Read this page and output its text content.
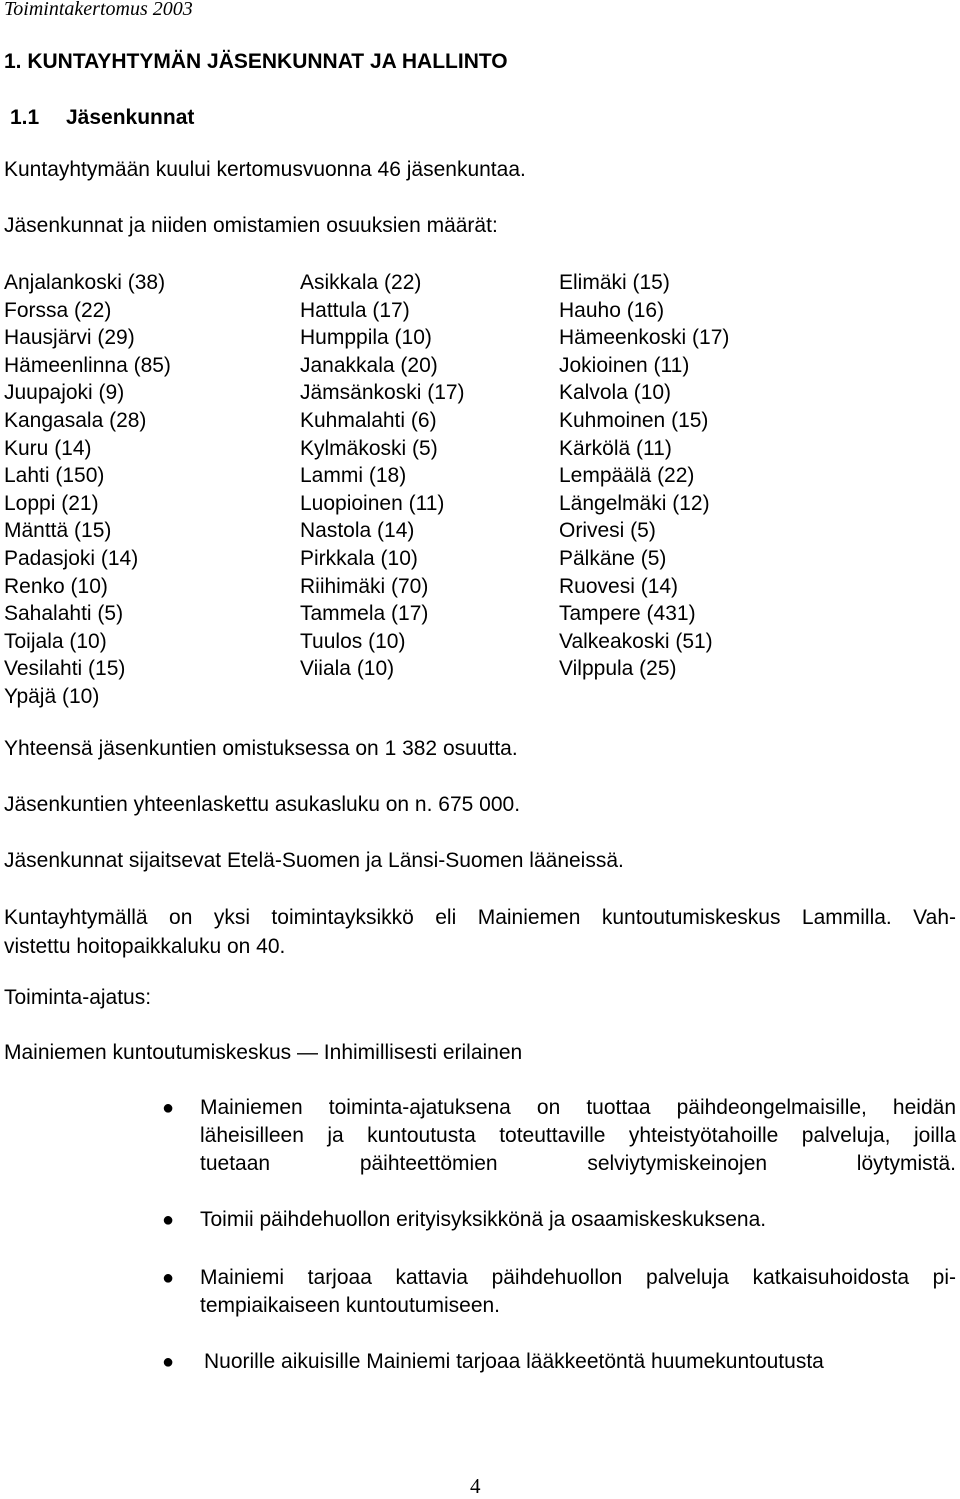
Toimintakertomus 2003
1. KUNTAYHTYMÄN JÄSENKUNNAT JA HALLINTO
1.1 Jäsenkunnat
Kuntayhtymään kuului kertomusvuonna 46 jäsenkuntaa.
Jäsenkunnat ja niiden omistamien osuuksien määrät:
Anjalankoski (38)
Forssa (22)
Hausjärvi (29)
Hämeenlinna (85)
Juupajoki (9)
Kangasala (28)
Kuru (14)
Lahti (150)
Loppi (21)
Mänttä (15)
Padasjoki (14)
Renko (10)
Sahalahti (5)
Toijala (10)
Vesilahti (15)
Ypäjä (10)
Asikkala (22)
Hattula (17)
Humppila (10)
Janakkala (20)
Jämsänkoski (17)
Kuhmalahti (6)
Kylmäkoski (5)
Lammi (18)
Luopioinen (11)
Nastola (14)
Pirkkala (10)
Riihimäki (70)
Tammela (17)
Tuulos (10)
Viiala (10)
Elimäki (15)
Hauho (16)
Hämeenkoski (17)
Jokioinen (11)
Kalvola (10)
Kuhmoinen (15)
Kärkölä (11)
Lempäälä (22)
Längelmäki (12)
Orivesi (5)
Pälkäne (5)
Ruovesi (14)
Tampere (431)
Valkeakoski (51)
Vilppula (25)
Yhteensä jäsenkuntien omistuksessa on 1 382 osuutta.
Jäsenkuntien yhteenlaskettu asukasluku on n. 675 000.
Jäsenkunnat sijaitsevat Etelä-Suomen ja Länsi-Suomen lääneissä.
Kuntayhtymällä on yksi toimintayksikkö eli Mainiemen kuntoutumiskeskus Lammilla. Vah-
vistettu hoitopaikkaluku on 40.
Toiminta-ajatus:
Mainiemen kuntoutumiskeskus — Inhimillisesti erilainen
● Mainiemen toiminta-ajatuksena on tuottaa päihdeongelmaisille, heidän
läheisilleen ja kuntoutusta toteuttaville yhteistyötahoille palveluja, joilla
tuetaan päihteettömien selviytymiskeinojen löytymistä.
● Toimii päihdehuollon erityisyksikkönä ja osaamiskeskuksena.
● Mainiemi tarjoaa kattavia päihdehuollon palveluja katkaisuhoidosta pi-
tempiaikaiseen kuntoutumiseen.
● Nuorille aikuisille Mainiemi tarjoaa lääkkeetöntä huumekuntoutusta
4
